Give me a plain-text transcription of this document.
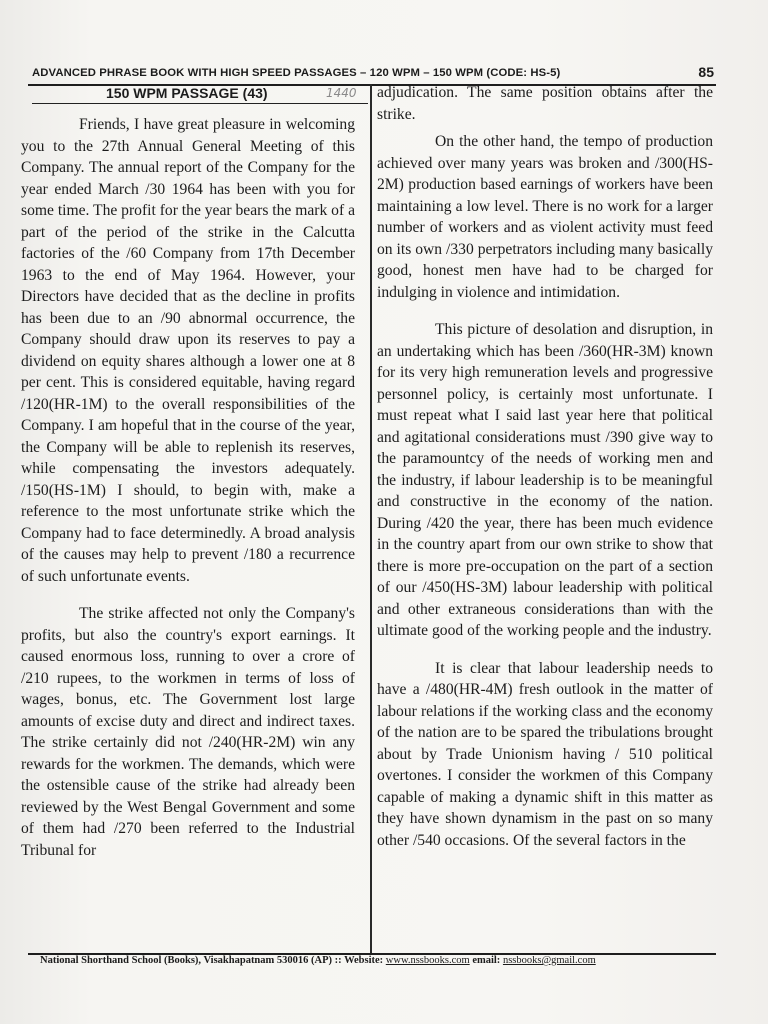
ADVANCED PHRASE BOOK WITH HIGH SPEED PASSAGES – 120 WPM – 150 WPM (CODE: HS-5)	85
150 WPM PASSAGE (43)	1440

Friends, I have great pleasure in welcoming you to the 27th Annual General Meeting of this Company. The annual report of the Company for the year ended March /30 1964 has been with you for some time. The profit for the year bears the mark of a part of the period of the strike in the Calcutta factories of the /60 Company from 17th December 1963 to the end of May 1964. However, your Directors have decided that as the decline in profits has been due to an /90 abnormal occurrence, the Company should draw upon its reserves to pay a dividend on equity shares although a lower one at 8 per cent. This is considered equitable, having regard /120(HR-1M) to the overall responsibilities of the Company. I am hopeful that in the course of the year, the Company will be able to replenish its reserves, while compensating the investors adequately. /150(HS-1M) I should, to begin with, make a reference to the most unfortunate strike which the Company had to face determinedly. A broad analysis of the causes may help to prevent /180 a recurrence of such unfortunate events.

The strike affected not only the Company's profits, but also the country's export earnings. It caused enormous loss, running to over a crore of /210 rupees, to the workmen in terms of loss of wages, bonus, etc. The Government lost large amounts of excise duty and direct and indirect taxes. The strike certainly did not /240(HR-2M) win any rewards for the workmen. The demands, which were the ostensible cause of the strike had already been reviewed by the West Bengal Government and some of them had /270 been referred to the Industrial Tribunal for

adjudication. The same position obtains after the strike.

On the other hand, the tempo of production achieved over many years was broken and /300(HS-2M) production based earnings of workers have been maintaining a low level. There is no work for a larger number of workers and as violent activity must feed on its own /330 perpetrators including many basically good, honest men have had to be charged for indulging in violence and intimidation.

This picture of desolation and disruption, in an undertaking which has been /360(HR-3M) known for its very high remuneration levels and progressive personnel policy, is certainly most unfortunate. I must repeat what I said last year here that political and agitational considerations must /390 give way to the paramountcy of the needs of working men and the industry, if labour leadership is to be meaningful and constructive in the economy of the nation. During /420 the year, there has been much evidence in the country apart from our own strike to show that there is more pre-occupation on the part of a section of our /450(HS-3M) labour leadership with political and other extraneous considerations than with the ultimate good of the working people and the industry.

It is clear that labour leadership needs to have a /480(HR-4M) fresh outlook in the matter of labour relations if the working class and the economy of the nation are to be spared the tribulations brought about by Trade Unionism having / 510 political overtones. I consider the workmen of this Company capable of making a dynamic shift in this matter as they have shown dynamism in the past on so many other /540 occasions. Of the several factors in the

National Shorthand School (Books), Visakhapatnam 530016 (AP) :: Website: www.nssbooks.com email: nssbooks@gmail.com
